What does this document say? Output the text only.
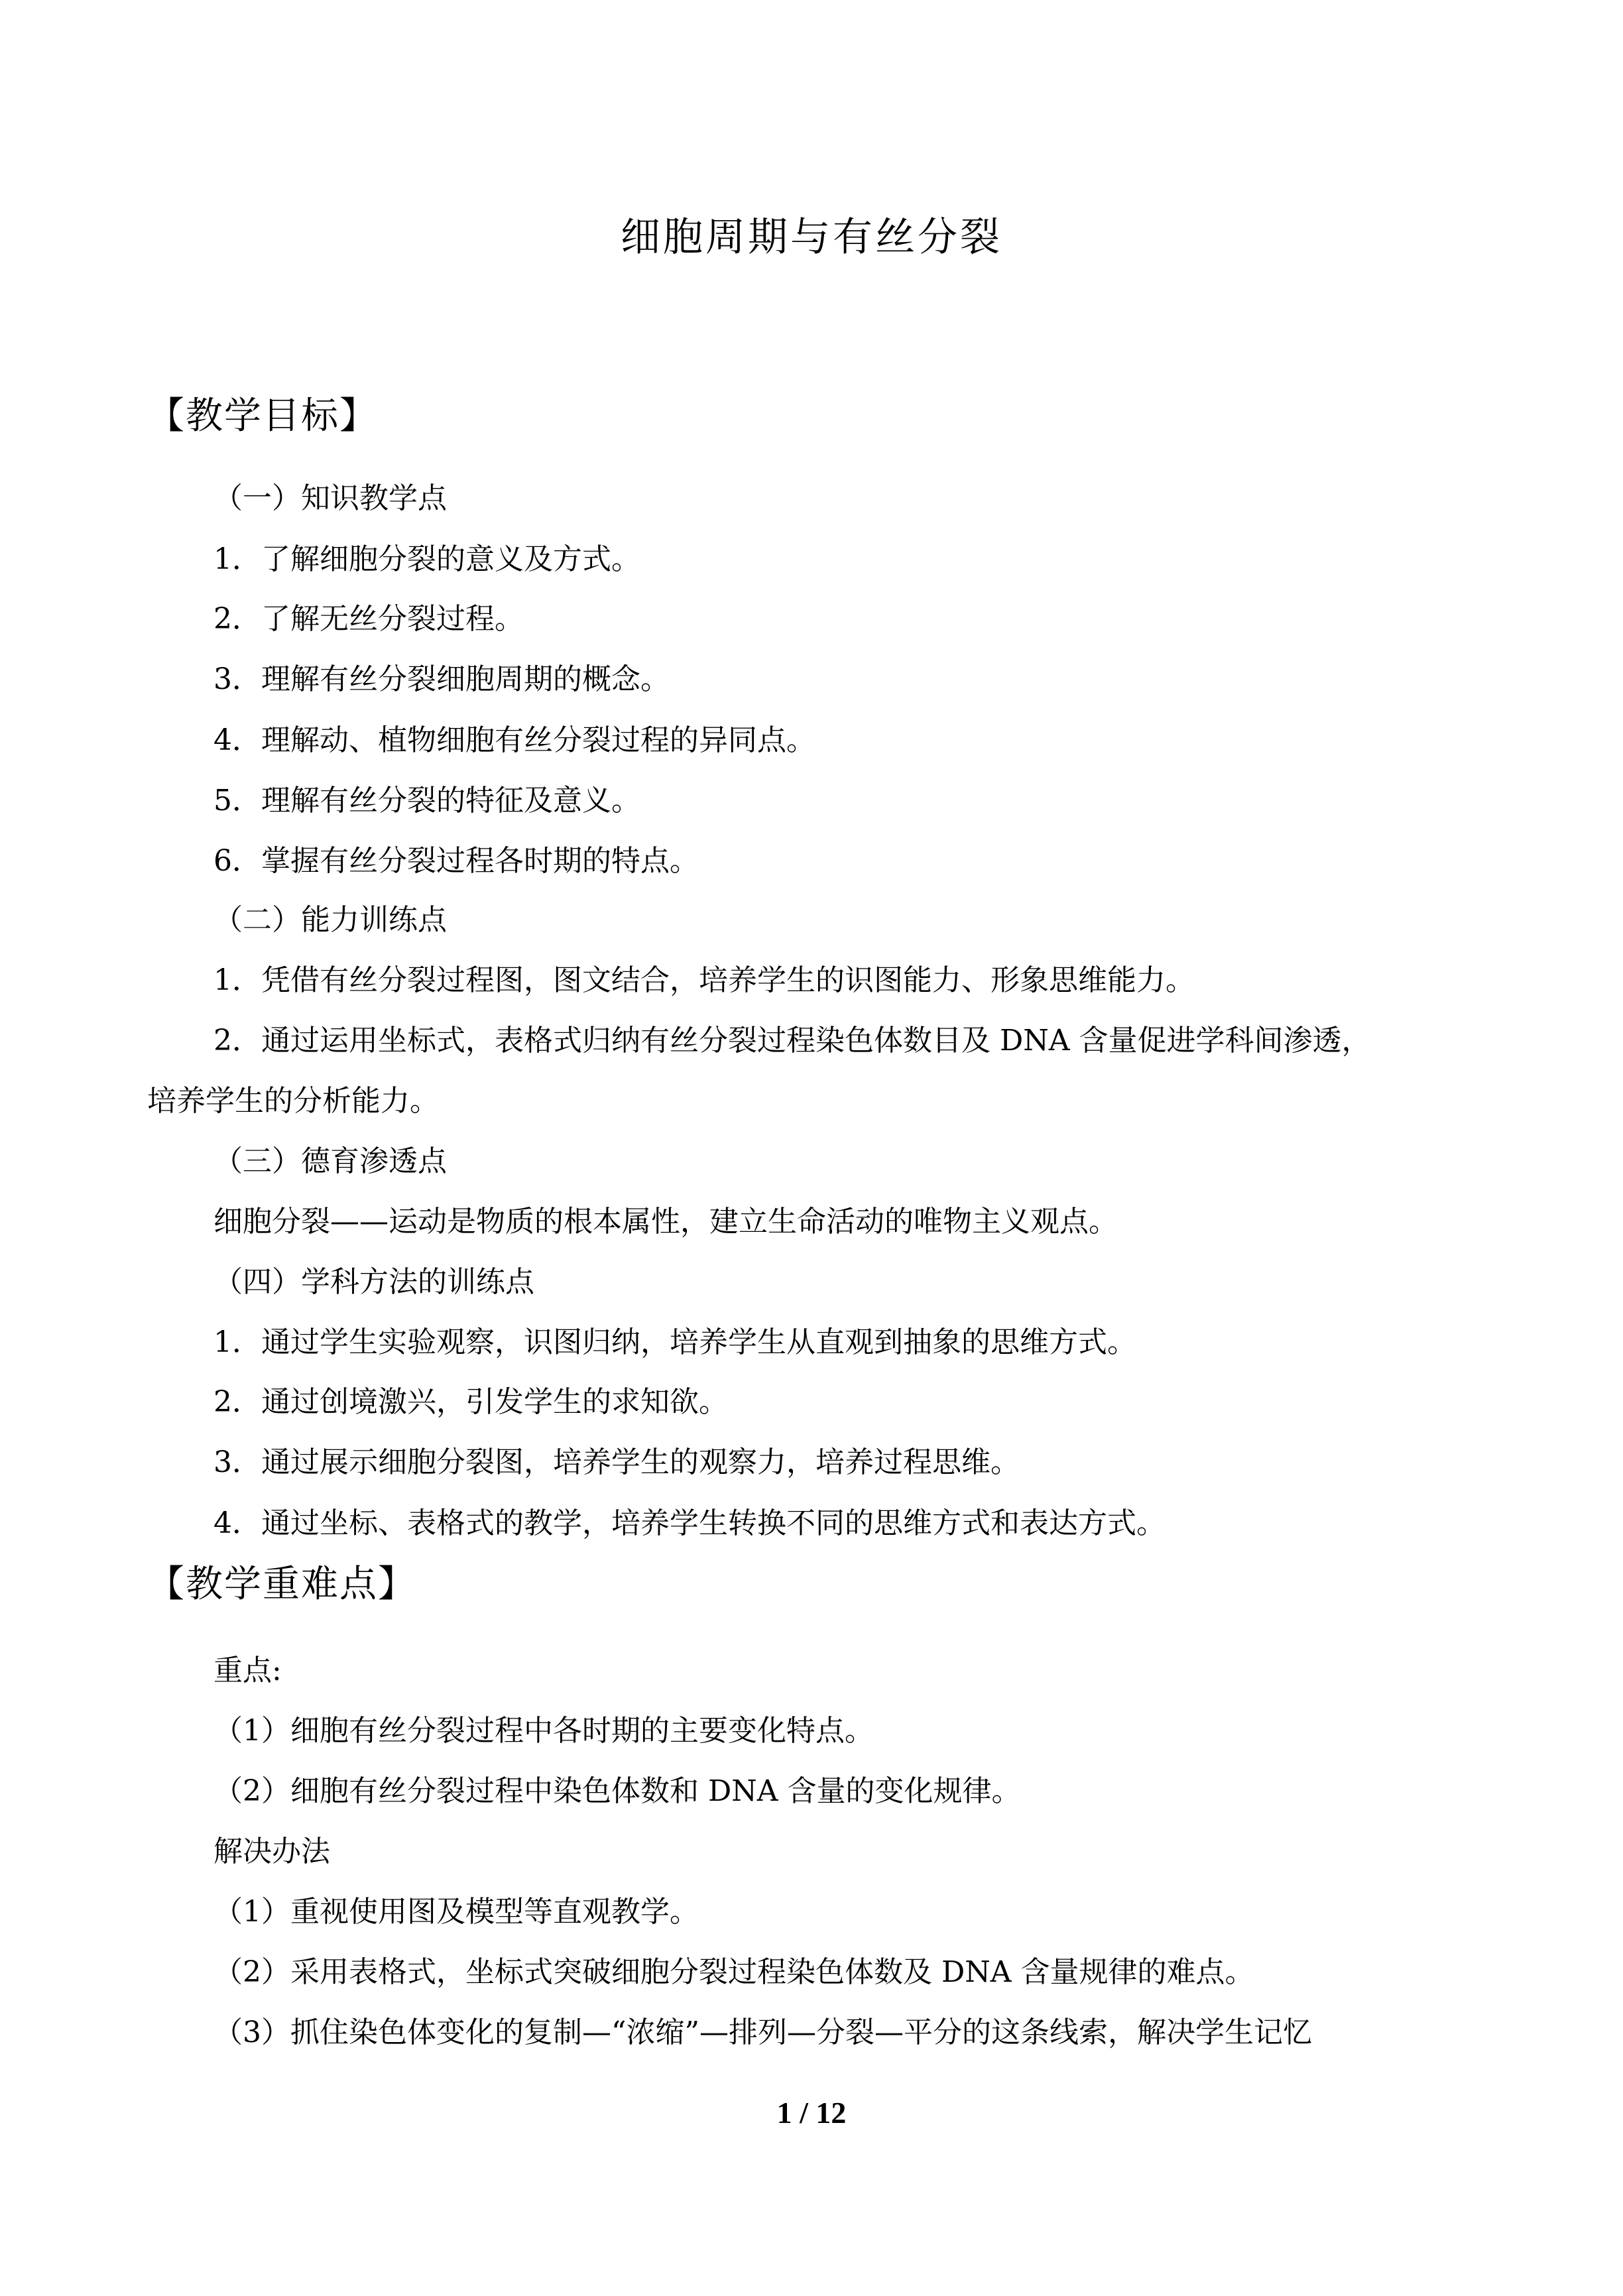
细胞周期与有丝分裂
【教学目标】
（一）知识教学点
1．了解细胞分裂的意义及方式。
2．了解无丝分裂过程。
3．理解有丝分裂细胞周期的概念。
4．理解动、植物细胞有丝分裂过程的异同点。
5．理解有丝分裂的特征及意义。
6．掌握有丝分裂过程各时期的特点。
（二）能力训练点
1．凭借有丝分裂过程图，图文结合，培养学生的识图能力、形象思维能力。
2．通过运用坐标式，表格式归纳有丝分裂过程染色体数目及 DNA 含量促进学科间渗透，
培养学生的分析能力。
（三）德育渗透点
细胞分裂——运动是物质的根本属性，建立生命活动的唯物主义观点。
（四）学科方法的训练点
1．通过学生实验观察，识图归纳，培养学生从直观到抽象的思维方式。
2．通过创境激兴，引发学生的求知欲。
3．通过展示细胞分裂图，培养学生的观察力，培养过程思维。
4．通过坐标、表格式的教学，培养学生转换不同的思维方式和表达方式。
【教学重难点】
重点:
（1）细胞有丝分裂过程中各时期的主要变化特点。
（2）细胞有丝分裂过程中染色体数和 DNA 含量的变化规律。
解决办法
（1）重视使用图及模型等直观教学。
（2）采用表格式，坐标式突破细胞分裂过程染色体数及 DNA 含量规律的难点。
（3）抓住染色体变化的复制—“浓缩”—排列—分裂—平分的这条线索，解决学生记忆
1 / 12
